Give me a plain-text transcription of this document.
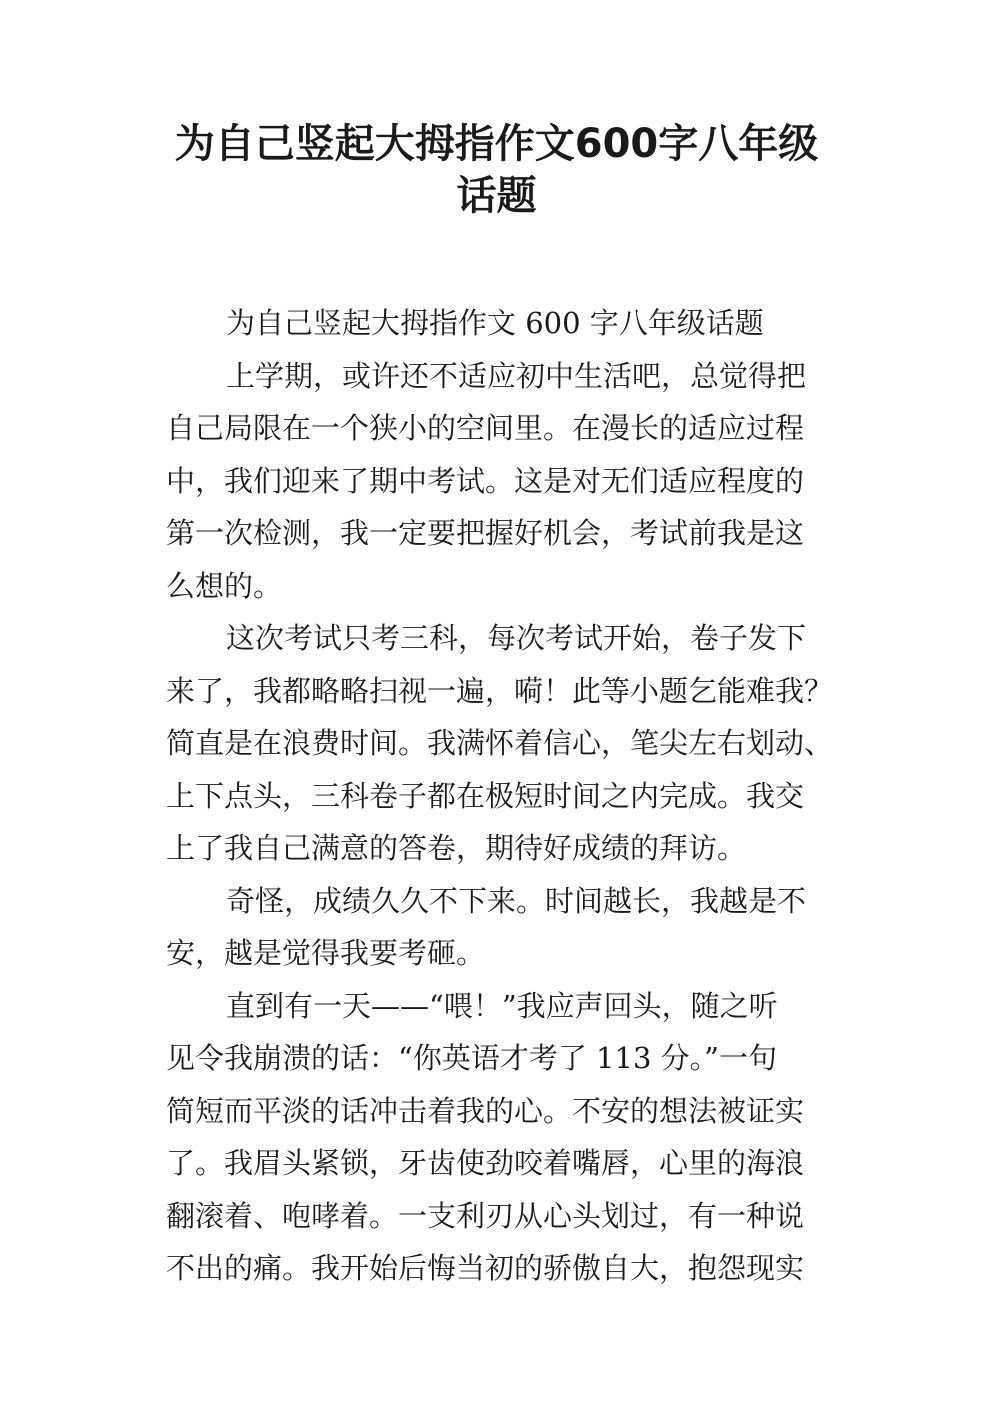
为自己竖起大拇指作文600字八年级
话题
为自己竖起大拇指作文 600 字八年级话题
上学期，或许还不适应初中生活吧，总觉得把
自己局限在一个狭小的空间里。在漫长的适应过程
中，我们迎来了期中考试。这是对无们适应程度的
第一次检测，我一定要把握好机会，考试前我是这
么想的。
这次考试只考三科，每次考试开始，卷子发下
来了，我都略略扫视一遍，嗬！此等小题乞能难我？
简直是在浪费时间。我满怀着信心，笔尖左右划动、
上下点头，三科卷子都在极短时间之内完成。我交
上了我自己满意的答卷，期待好成绩的拜访。
奇怪，成绩久久不下来。时间越长，我越是不
安，越是觉得我要考砸。
直到有一天——“喂！”我应声回头，随之听
见令我崩溃的话：“你英语才考了 113 分。”一句
简短而平淡的话冲击着我的心。不安的想法被证实
了。我眉头紧锁，牙齿使劲咬着嘴唇，心里的海浪
翻滚着、咆哮着。一支利刃从心头划过，有一种说
不出的痛。我开始后悔当初的骄傲自大，抱怨现实
